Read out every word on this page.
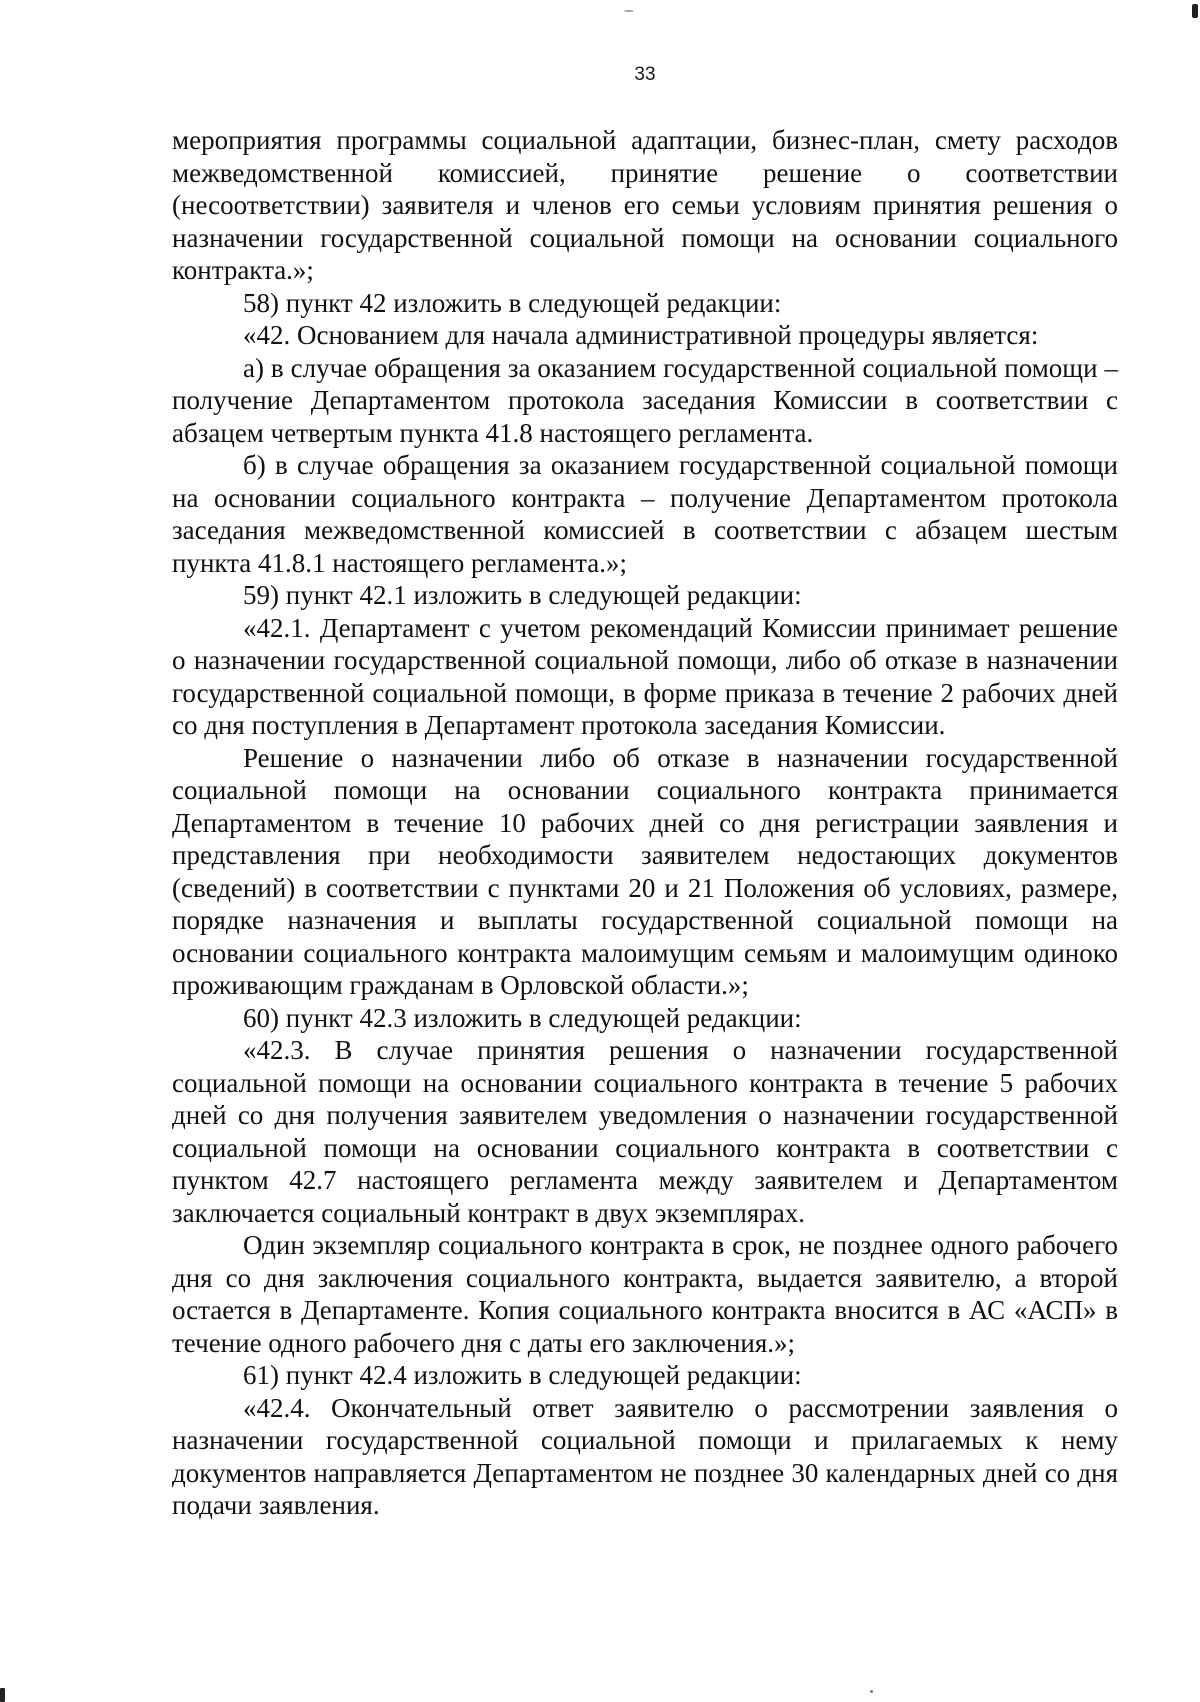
33

мероприятия программы социальной адаптации, бизнес-план, смету расходов межведомственной комиссией, принятие решение о соответствии (несоответствии) заявителя и членов его семьи условиям принятия решения о назначении государственной социальной помощи на основании социального контракта.»;

58) пункт 42 изложить в следующей редакции:

«42. Основанием для начала административной процедуры является:

а) в случае обращения за оказанием государственной социальной помощи – получение Департаментом протокола заседания Комиссии в соответствии с абзацем четвертым пункта 41.8 настоящего регламента.

б) в случае обращения за оказанием государственной социальной помощи на основании социального контракта – получение Департаментом протокола заседания межведомственной комиссией в соответствии с абзацем шестым пункта 41.8.1 настоящего регламента.»;

59) пункт 42.1 изложить в следующей редакции:

«42.1. Департамент с учетом рекомендаций Комиссии принимает решение о назначении государственной социальной помощи, либо об отказе в назначении государственной социальной помощи, в форме приказа в течение 2 рабочих дней со дня поступления в Департамент протокола заседания Комиссии.

Решение о назначении либо об отказе в назначении государственной социальной помощи на основании социального контракта принимается Департаментом в течение 10 рабочих дней со дня регистрации заявления и представления при необходимости заявителем недостающих документов (сведений) в соответствии с пунктами 20 и 21 Положения об условиях, размере, порядке назначения и выплаты государственной социальной помощи на основании социального контракта малоимущим семьям и малоимущим одиноко проживающим гражданам в Орловской области.»;

60) пункт 42.3 изложить в следующей редакции:

«42.3. В случае принятия решения о назначении государственной социальной помощи на основании социального контракта в течение 5 рабочих дней со дня получения заявителем уведомления о назначении государственной социальной помощи на основании социального контракта в соответствии с пунктом 42.7 настоящего регламента между заявителем и Департаментом заключается социальный контракт в двух экземплярах.

Один экземпляр социального контракта в срок, не позднее одного рабочего дня со дня заключения социального контракта, выдается заявителю, а второй остается в Департаменте. Копия социального контракта вносится в АС «АСП» в течение одного рабочего дня с даты его заключения.»;

61) пункт 42.4 изложить в следующей редакции:

«42.4. Окончательный ответ заявителю о рассмотрении заявления о назначении государственной социальной помощи и прилагаемых к нему документов направляется Департаментом не позднее 30 календарных дней со дня подачи заявления.
